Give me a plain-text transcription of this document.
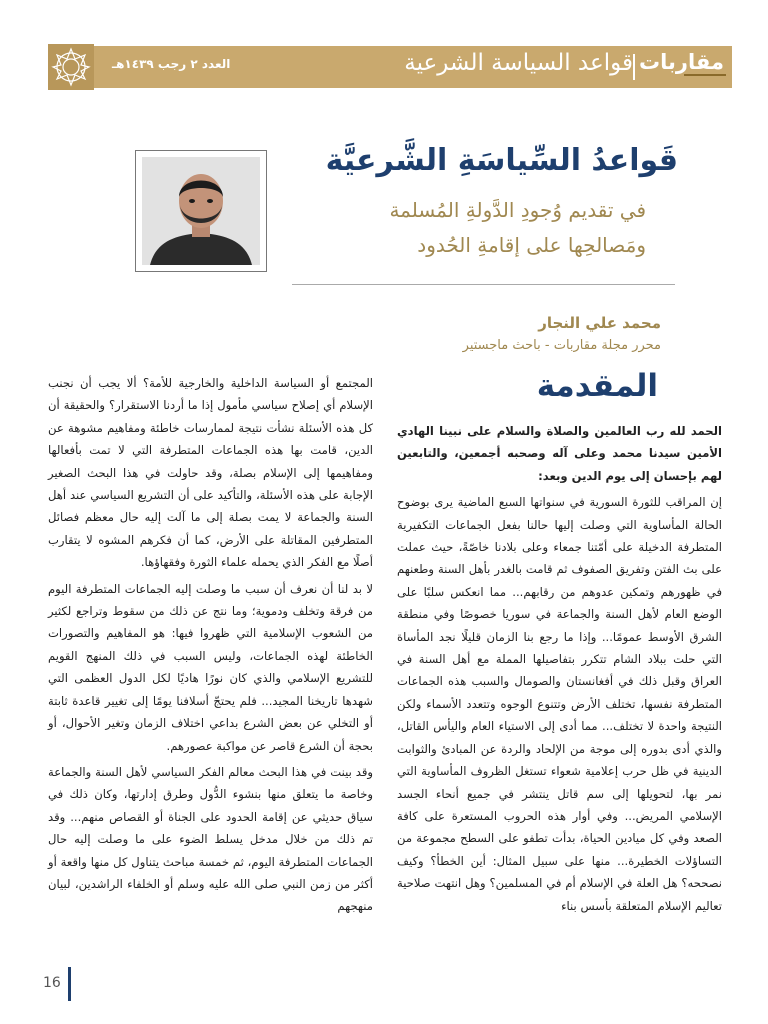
العدد ٢ رجب ١٤٣٩هـ	قواعد السياسة الشرعية مقاربات
قَواعدُ السِّياسَةِ الشَّرعيَّة
في تقديم وُجودِ الدَّولةِ المُسلمة
ومَصالحِها على إقامةِ الحُدود
محمد علي النجار
محرر مجلة مقاربات - باحث ماجستير
المقدمة

الحمد لله رب العالمين والصلاة والسلام على نبينا الهادي الأمين سيدنا محمد وعلى آله وصحبه أجمعين، والتابعين لهم بإحسان إلى يوم الدين وبعد:

إن المراقب للثورة السورية في سنواتها السبع الماضية يرى بوضوح الحالة المأساوية التي وصلت إليها حالنا بفعل الجماعات التكفيرية المتطرفة الدخيلة على أمّتنا جمعاء وعلى بلادنا خاصّةً، حيث عملت على بث الفتن وتفريق الصفوف ثم قامت بالغدر بأهل السنة وطعنهم في ظهورهم وتمكين عدوهم من رقابهم... مما انعكس سلبًا على الوضع العام لأهل السنة والجماعة في سوريا خصوصًا وفي منطقة الشرق الأوسط عمومًا... وإذا ما رجع بنا الزمان قليلًا نجد المأساة التي حلت ببلاد الشام تتكرر بتفاصيلها المملة مع أهل السنة في العراق وقبل ذلك في أفغانستان والصومال والسبب هذه الجماعات المتطرفة نفسها، تختلف الأرض وتتنوع الوجوه وتتعدد الأسماء ولكن النتيجة واحدة لا تختلف... مما أدى إلى الاستياء العام واليأس القاتل، والذي أدى بدوره إلى موجة من الإلحاد والردة عن المبادئ والثوابت الدينية في ظل حرب إعلامية شعواء تستغل الظروف المأساوية التي نمر بها، لتحويلها إلى سم قاتل ينتشر في جميع أنحاء الجسد الإسلامي المريض... وفي أوار هذه الحروب المستعرة على كافة الصعد وفي كل ميادين الحياة، بدأت تطفو على السطح مجموعة من التساؤلات الخطيرة... منها على سبيل المثال: أين الخطأ؟ وكيف نصححه؟ هل العلة في الإسلام أم في المسلمين؟ وهل انتهت صلاحية تعاليم الإسلام المتعلقة بأسس بناء

المجتمع أو السياسة الداخلية والخارجية للأمة؟ ألا يجب أن نجنب الإسلام أي إصلاح سياسي مأمول إذا ما أردنا الاستقرار؟ والحقيقة أن كل هذه الأسئلة نشأت نتيجة لممارسات خاطئة ومفاهيم مشوهة عن الدين، قامت بها هذه الجماعات المتطرفة التي لا تمت بأفعالها ومفاهيمها إلى الإسلام بصلة، وقد حاولت في هذا البحث الصغير الإجابة على هذه الأسئلة، والتأكيد على أن التشريع السياسي عند أهل السنة والجماعة لا يمت بصلة إلى ما آلت إليه حال معظم فصائل المتطرفين المقاتلة على الأرض، كما أن فكرهم المشوه لا يتقارب أصلًا مع الفكر الذي يحمله علماء الثورة وفقهاؤها.

لا بد لنا أن نعرف أن سبب ما وصلت إليه الجماعات المتطرفة اليوم من فرقة وتخلف ودموية؛ وما نتج عن ذلك من سقوط وتراجع لكثير من الشعوب الإسلامية التي ظهروا فيها: هو المفاهيم والتصورات الخاطئة لهذه الجماعات، وليس السبب في ذلك المنهج القويم للتشريع الإسلامي والذي كان نورًا هاديًا لكل الدول العظمى التي شهدها تاريخنا المجيد... فلم يحتجّ أسلافنا يومًا إلى تغيير قاعدة ثابتة أو التخلي عن بعض الشرع بداعي اختلاف الزمان وتغير الأحوال، أو بحجة أن الشرع قاصر عن مواكبة عصورهم.

وقد بينت في هذا البحث معالم الفكر السياسي لأهل السنة والجماعة وخاصة ما يتعلق منها بنشوء الدُّول وطرق إدارتها، وكان ذلك في سياق حديثي عن إقامة الحدود على الجناة أو القصاص منهم... وقد تم ذلك من خلال مدخل يسلط الضوء على ما وصلت إليه حال الجماعات المتطرفة اليوم، ثم خمسة مباحث يتناول كل منها واقعة أو أكثر من زمن النبي صلى الله عليه وسلم أو الخلفاء الراشدين، لبيان منهجهم

16
